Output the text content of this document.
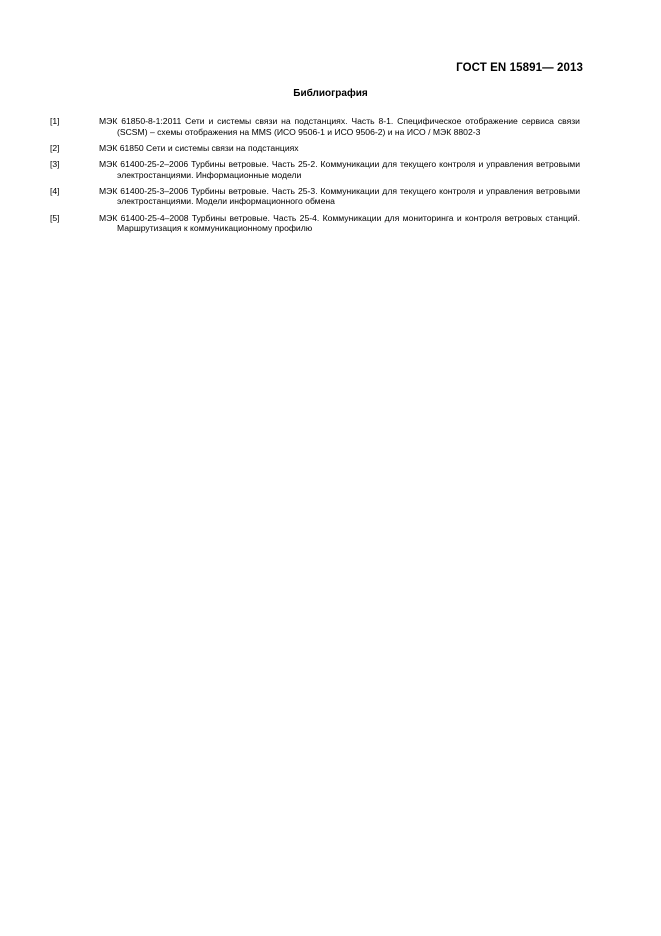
ГОСТ EN 15891— 2013
Библиография
[1]	МЭК 61850-8-1:2011 Сети и системы связи на подстанциях. Часть 8-1. Специфическое отображение сервиса связи (SCSM) – схемы отображения на MMS (ИСО 9506-1 и ИСО 9506-2) и на ИСО / МЭК 8802-3
[2]	МЭК 61850 Сети и системы связи на подстанциях
[3]	МЭК 61400-25-2–2006 Турбины ветровые. Часть 25-2. Коммуникации для текущего контроля и управления ветровыми электростанциями. Информационные модели
[4]	МЭК 61400-25-3–2006 Турбины ветровые. Часть 25-3. Коммуникации для текущего контроля и управления ветровыми электростанциями. Модели информационного обмена
[5]	МЭК 61400-25-4–2008 Турбины ветровые. Часть 25-4. Коммуникации для мониторинга и контроля ветровых станций. Маршрутизация к коммуникационному профилю
